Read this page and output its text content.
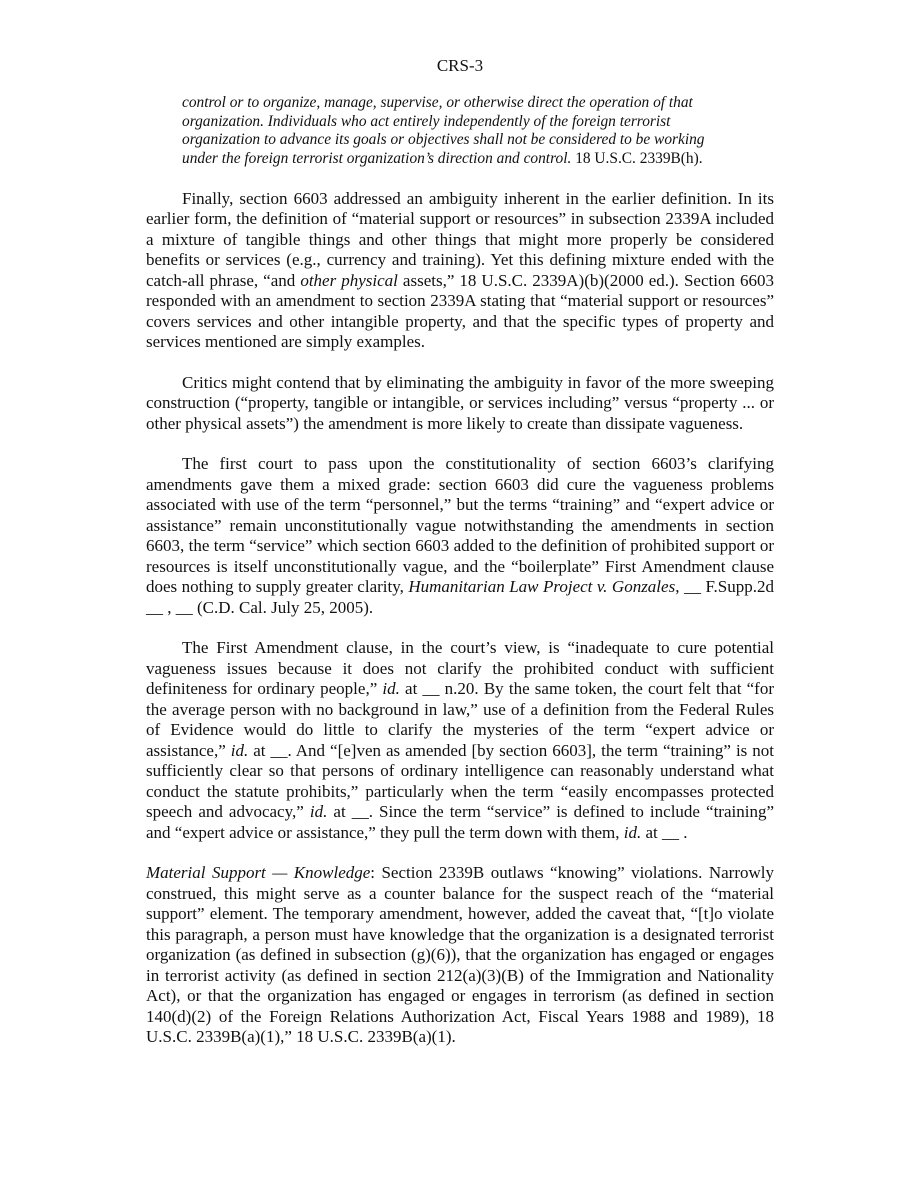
CRS-3
control or to organize, manage, supervise, or otherwise direct the operation of that organization. Individuals who act entirely independently of the foreign terrorist organization to advance its goals or objectives shall not be considered to be working under the foreign terrorist organization’s direction and control. 18 U.S.C. 2339B(h).

Finally, section 6603 addressed an ambiguity inherent in the earlier definition. In its earlier form, the definition of “material support or resources” in subsection 2339A included a mixture of tangible things and other things that might more properly be considered benefits or services (e.g., currency and training). Yet this defining mixture ended with the catch-all phrase, “and other physical assets,” 18 U.S.C. 2339A)(b)(2000 ed.). Section 6603 responded with an amendment to section 2339A stating that “material support or resources” covers services and other intangible property, and that the specific types of property and services mentioned are simply examples.

Critics might contend that by eliminating the ambiguity in favor of the more sweeping construction (“property, tangible or intangible, or services including” versus “property ... or other physical assets”) the amendment is more likely to create than dissipate vagueness.

The first court to pass upon the constitutionality of section 6603’s clarifying amendments gave them a mixed grade: section 6603 did cure the vagueness problems associated with use of the term “personnel,” but the terms “training” and “expert advice or assistance” remain unconstitutionally vague notwithstanding the amendments in section 6603, the term “service” which section 6603 added to the definition of prohibited support or resources is itself unconstitutionally vague, and the “boilerplate” First Amendment clause does nothing to supply greater clarity, Humanitarian Law Project v. Gonzales, __ F.Supp.2d __ , __ (C.D. Cal. July 25, 2005).

The First Amendment clause, in the court’s view, is “inadequate to cure potential vagueness issues because it does not clarify the prohibited conduct with sufficient definiteness for ordinary people,” id. at __ n.20. By the same token, the court felt that “for the average person with no background in law,” use of a definition from the Federal Rules of Evidence would do little to clarify the mysteries of the term “expert advice or assistance,” id. at __. And “[e]ven as amended [by section 6603], the term “training” is not sufficiently clear so that persons of ordinary intelligence can reasonably understand what conduct the statute prohibits,” particularly when the term “easily encompasses protected speech and advocacy,” id. at __. Since the term “service” is defined to include “training” and “expert advice or assistance,” they pull the term down with them, id. at __ .

Material Support — Knowledge: Section 2339B outlaws “knowing” violations. Narrowly construed, this might serve as a counter balance for the suspect reach of the “material support” element. The temporary amendment, however, added the caveat that, “[t]o violate this paragraph, a person must have knowledge that the organization is a designated terrorist organization (as defined in subsection (g)(6)), that the organization has engaged or engages in terrorist activity (as defined in section 212(a)(3)(B) of the Immigration and Nationality Act), or that the organization has engaged or engages in terrorism (as defined in section 140(d)(2) of the Foreign Relations Authorization Act, Fiscal Years 1988 and 1989), 18 U.S.C. 2339B(a)(1),” 18 U.S.C. 2339B(a)(1).
